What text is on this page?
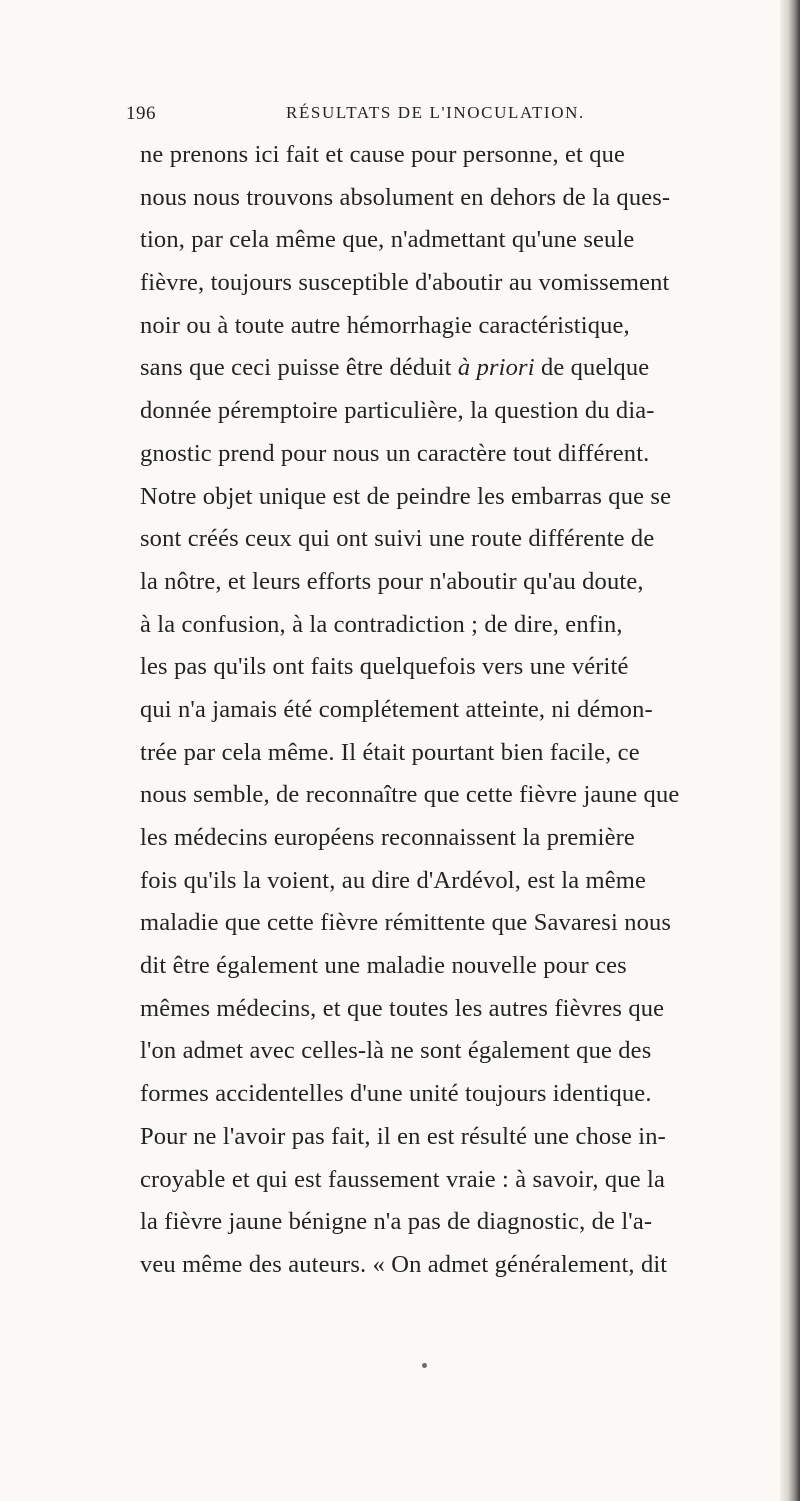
196	RÉSULTATS DE L'INOCULATION.
ne prenons ici fait et cause pour personne, et que
nous nous trouvons absolument en dehors de la ques-
tion, par cela même que, n'admettant qu'une seule
fièvre, toujours susceptible d'aboutir au vomissement
noir ou à toute autre hémorrhagie caractéristique,
sans que ceci puisse être déduit à priori de quelque
donnée péremptoire particulière, la question du dia-
gnostic prend pour nous un caractère tout différent.
Notre objet unique est de peindre les embarras que se
sont créés ceux qui ont suivi une route différente de
la nôtre, et leurs efforts pour n'aboutir qu'au doute,
à la confusion, à la contradiction ; de dire, enfin,
les pas qu'ils ont faits quelquefois vers une vérité
qui n'a jamais été complétement atteinte, ni démon-
trée par cela même. Il était pourtant bien facile, ce
nous semble, de reconnaître que cette fièvre jaune que
les médecins européens reconnaissent la première
fois qu'ils la voient, au dire d'Ardévol, est la même
maladie que cette fièvre rémittente que Savaresi nous
dit être également une maladie nouvelle pour ces
mêmes médecins, et que toutes les autres fièvres que
l'on admet avec celles-là ne sont également que des
formes accidentelles d'une unité toujours identique.
Pour ne l'avoir pas fait, il en est résulté une chose in-
croyable et qui est faussement vraie : à savoir, que la
la fièvre jaune bénigne n'a pas de diagnostic, de l'a-
veu même des auteurs. « On admet généralement, dit
